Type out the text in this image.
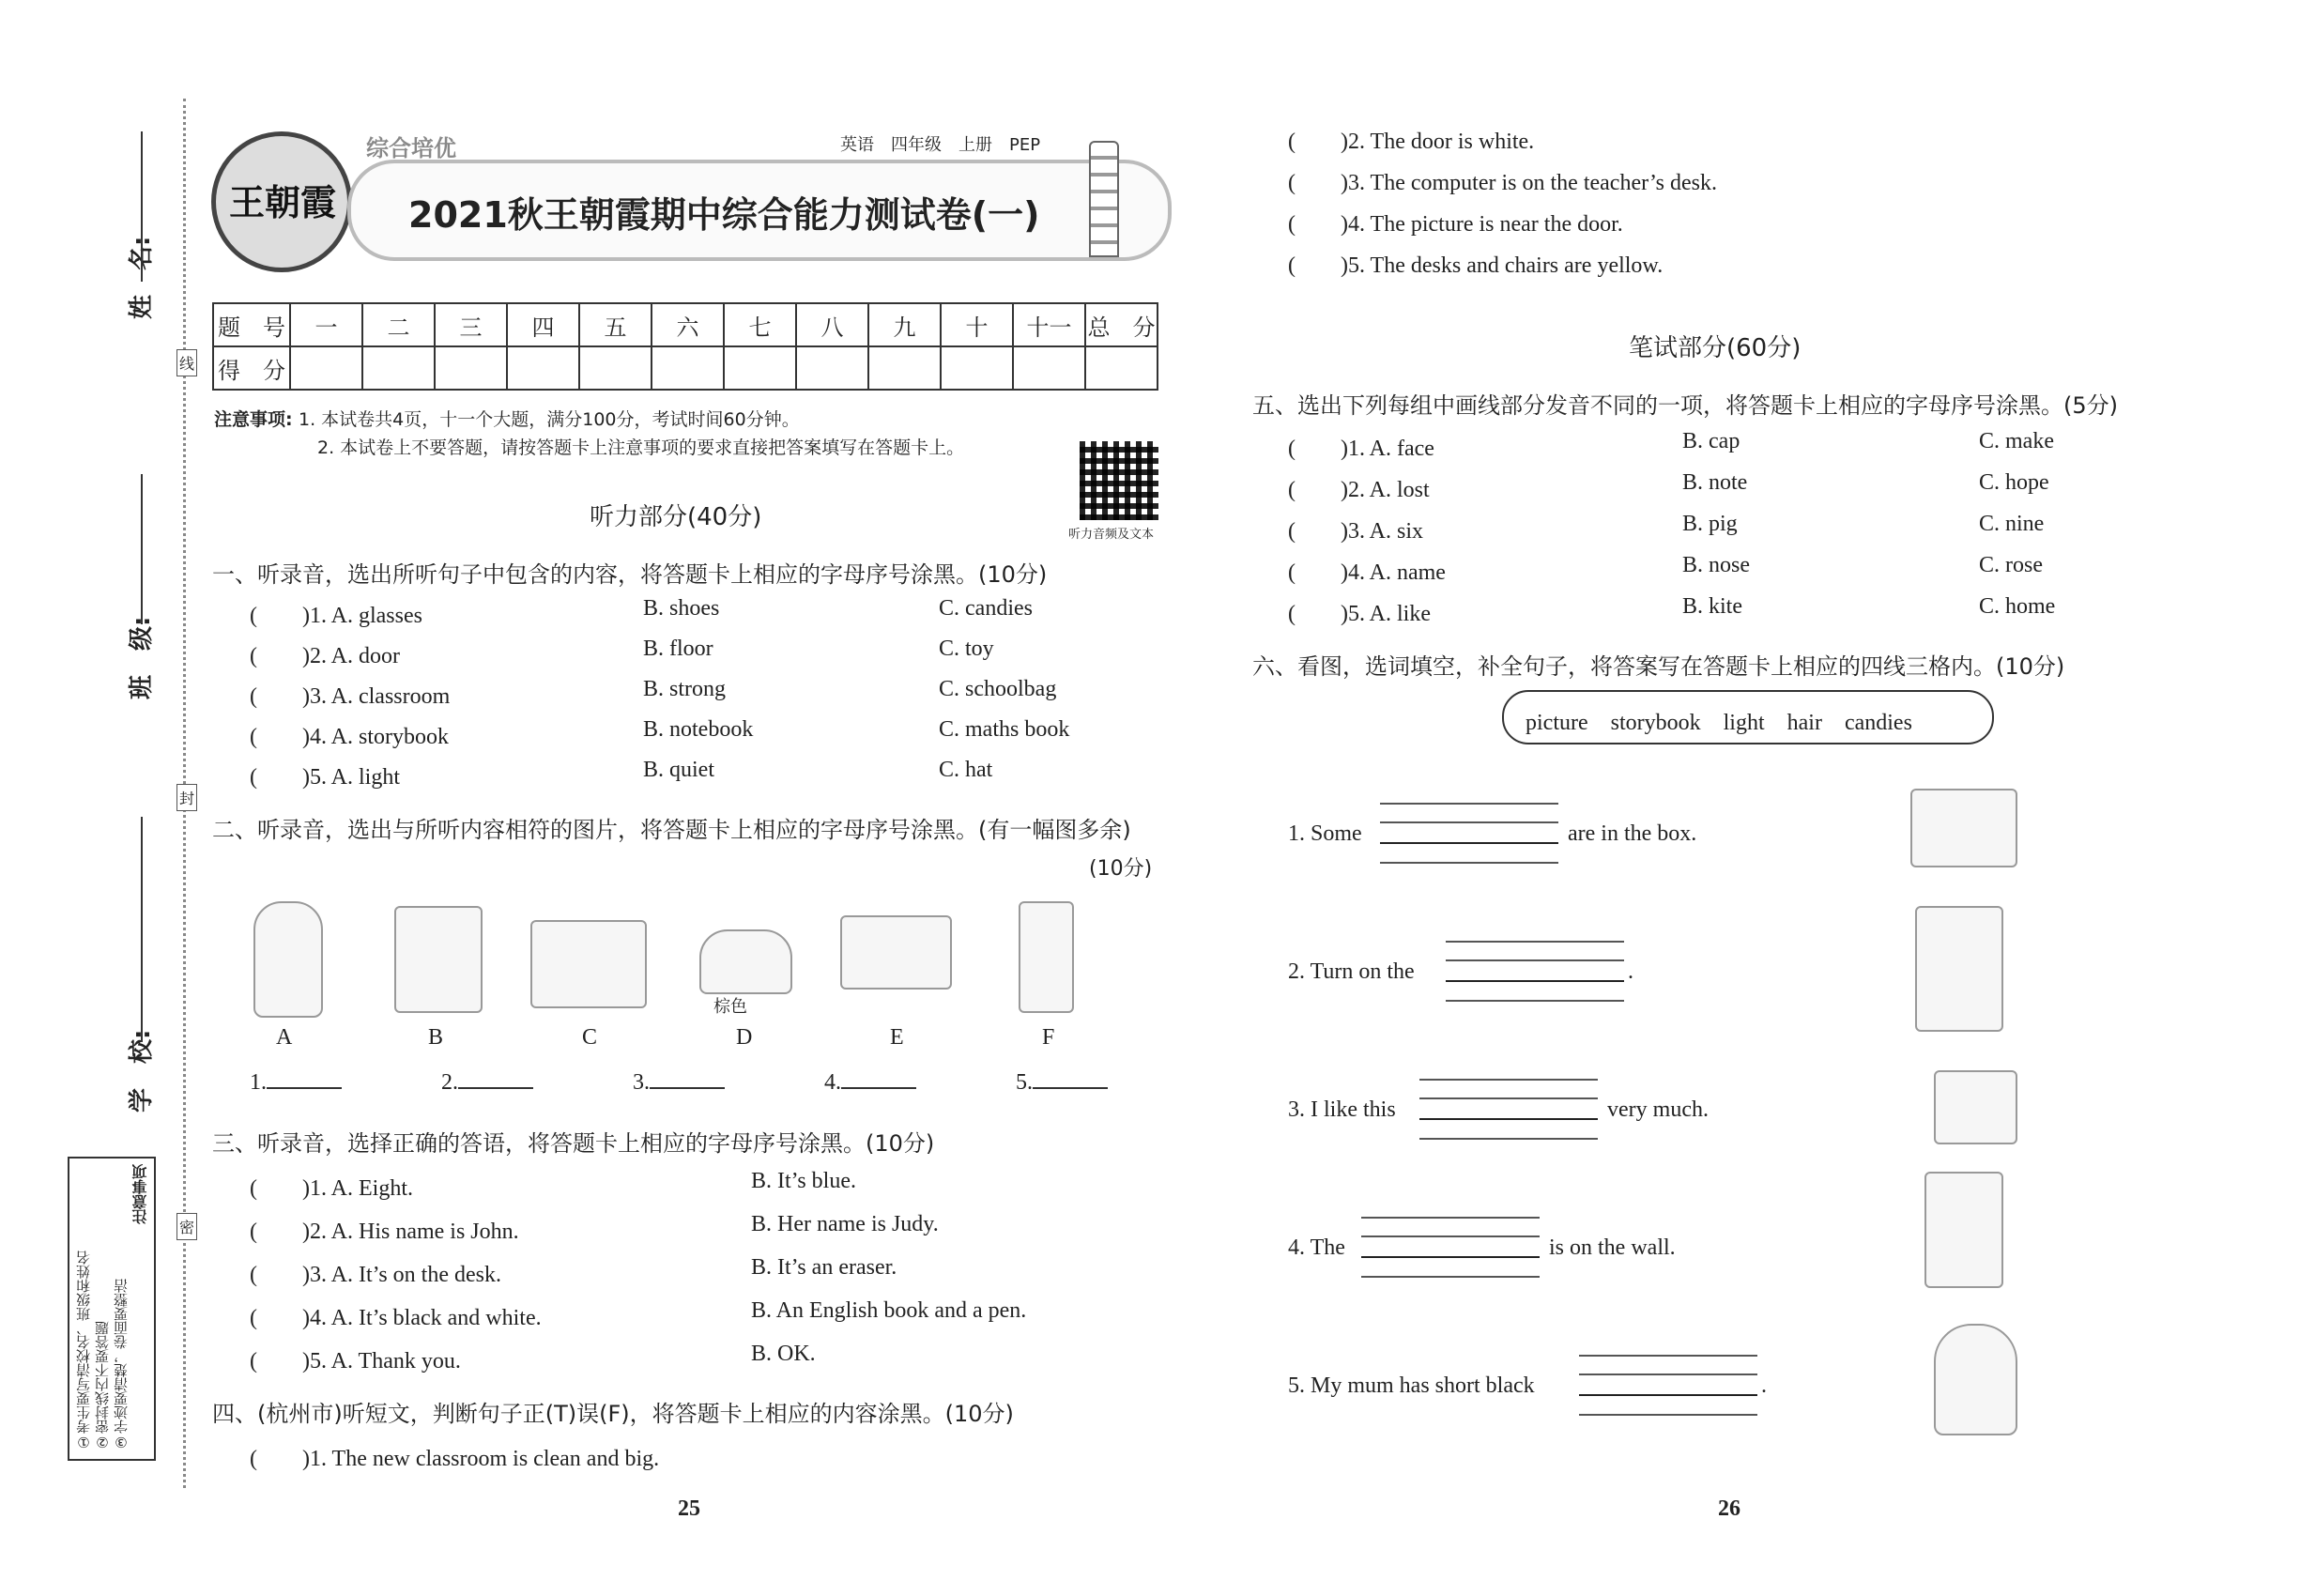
姓　名:
班　级:
学　校:
线
封
密
注意事项
①考生要写清校名、班级和姓名 ②密封线内不要答题 ③字迹要清楚，卷面要整洁
王朝霞
综合培优	英语　四年级　上册　PEP
2021秋王朝霞期中综合能力测试卷(一)
题　号	一	二	三	四	五	六	七	八	九	十	十一	总　分
得　分												
注意事项: 1. 本试卷共4页，十一个大题，满分100分，考试时间60分钟。
2. 本试卷上不要答题，请按答题卡上注意事项的要求直接把答案填写在答题卡上。
听力音频及文本
听力部分(40分)
一、听录音，选出所听句子中包含的内容，将答题卡上相应的字母序号涂黑。(10分)
(　　)1. A. glasses	B. shoes	C. candies
(　　)2. A. door	B. floor	C. toy
(　　)3. A. classroom	B. strong	C. schoolbag
(　　)4. A. storybook	B. notebook	C. maths book
(　　)5. A. light	B. quiet	C. hat
二、听录音，选出与所听内容相符的图片，将答题卡上相应的字母序号涂黑。(有一幅图多余)
(10分)
棕色
A	B	C	D	E	F
1.	2.	3.	4.	5.
三、听录音，选择正确的答语，将答题卡上相应的字母序号涂黑。(10分)
(　　)1. A. Eight.	B. It’s blue.
(　　)2. A. His name is John.	B. Her name is Judy.
(　　)3. A. It’s on the desk.	B. It’s an eraser.
(　　)4. A. It’s black and white.	B. An English book and a pen.
(　　)5. A. Thank you.	B. OK.
四、(杭州市)听短文，判断句子正(T)误(F)，将答题卡上相应的内容涂黑。(10分)
(　　)1. The new classroom is clean and big.
(　　)2. The door is white.
(　　)3. The computer is on the teacher’s desk.
(　　)4. The picture is near the door.
(　　)5. The desks and chairs are yellow.
笔试部分(60分)
五、选出下列每组中画线部分发音不同的一项，将答题卡上相应的字母序号涂黑。(5分)
(　　)1. A. face	B. cap	C. make
(　　)2. A. lost	B. note	C. hope
(　　)3. A. six	B. pig	C. nine
(　　)4. A. name	B. nose	C. rose
(　　)5. A. like	B. kite	C. home
六、看图，选词填空，补全句子，将答案写在答题卡上相应的四线三格内。(10分)
picture　storybook　light　hair　candies
1. Some	are in the box.
2. Turn on the	.
3. I like this	very much.
4. The	is on the wall.
5. My mum has short black	.
25	26
